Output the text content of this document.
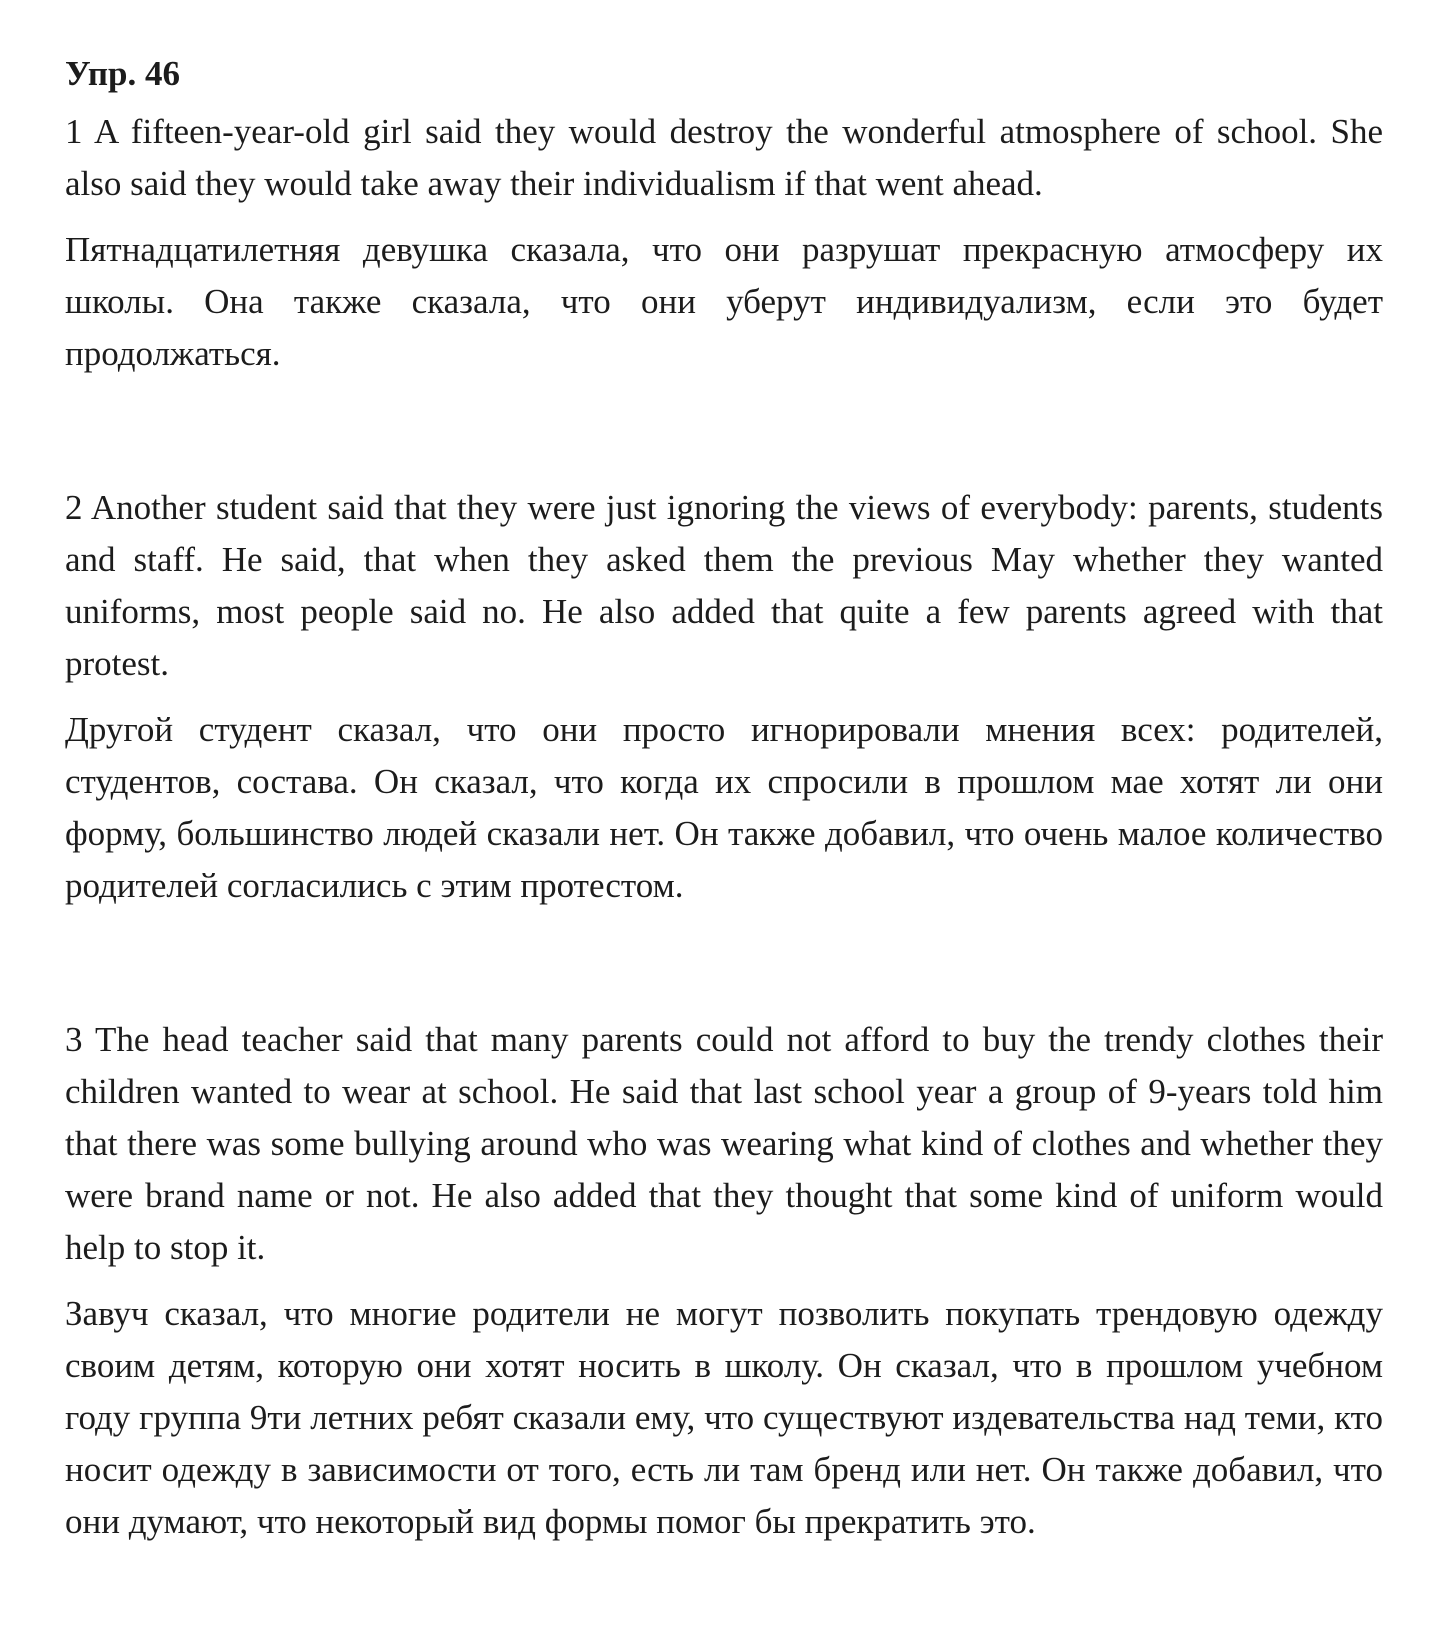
Упр. 46

1 A fifteen-year-old girl said they would destroy the wonderful atmosphere of school. She also said they would take away their individualism if that went ahead.

Пятнадцатилетняя девушка сказала, что они разрушат прекрасную атмосферу их школы. Она также сказала, что они уберут индивидуализм, если это будет продолжаться.

2 Another student said that they were just ignoring the views of everybody: parents, students and staff. He said, that when they asked them the previous May whether they wanted uniforms, most people said no. He also added that quite a few parents agreed with that protest.

Другой студент сказал, что они просто игнорировали мнения всех: родителей, студентов, состава. Он сказал, что когда их спросили в прошлом мае хотят ли они форму, большинство людей сказали нет. Он также добавил, что очень малое количество родителей согласились с этим протестом.

3 The head teacher said that many parents could not afford to buy the trendy clothes their children wanted to wear at school. He said that last school year a group of 9-years told him that there was some bullying around who was wearing what kind of clothes and whether they were brand name or not. He also added that they thought that some kind of uniform would help to stop it.

Завуч сказал, что многие родители не могут позволить покупать трендовую одежду своим детям, которую они хотят носить в школу. Он сказал, что в прошлом учебном году группа 9ти летних ребят сказали ему, что существуют издевательства над теми, кто носит одежду в зависимости от того, есть ли там бренд или нет. Он также добавил, что они думают, что некоторый вид формы помог бы прекратить это.
